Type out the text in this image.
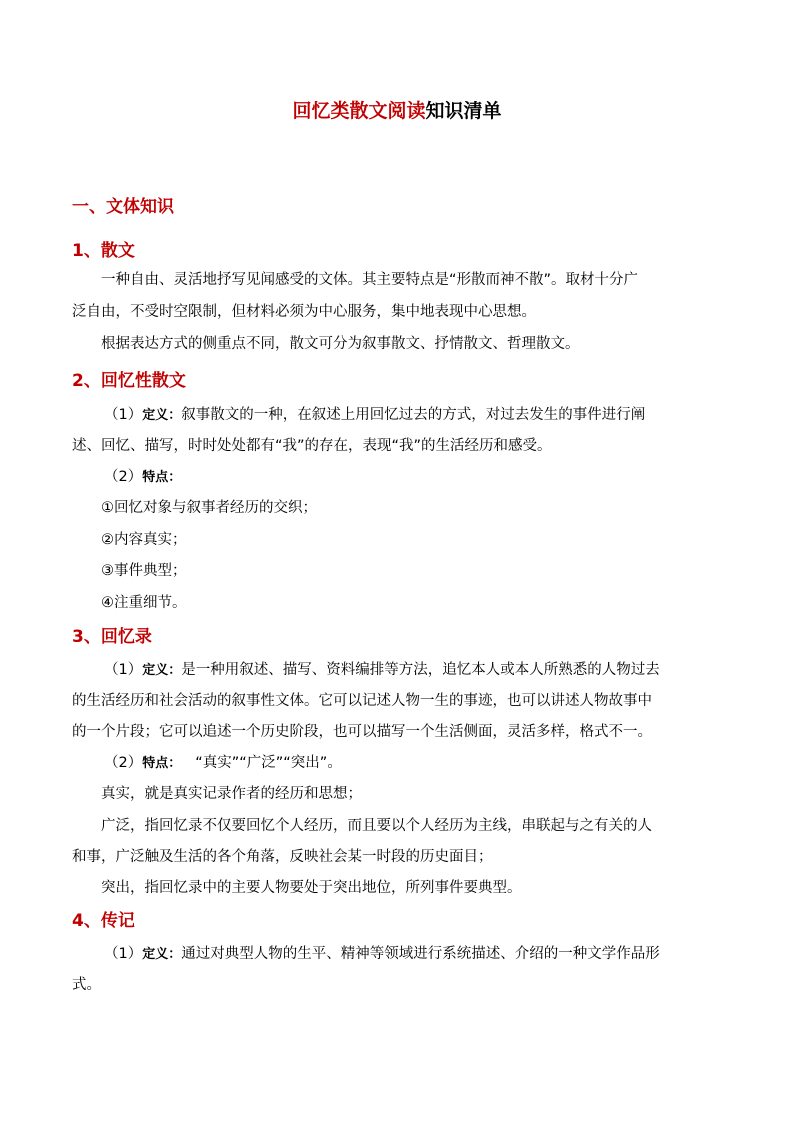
回忆类散文阅读知识清单
一、文体知识
1、散文
一种自由、灵活地抒写见闻感受的文体。其主要特点是“形散而神不散”。取材十分广
泛自由，不受时空限制，但材料必须为中心服务，集中地表现中心思想。
根据表达方式的侧重点不同，散文可分为叙事散文、抒情散文、哲理散文。
2、回忆性散文
（1）定义：叙事散文的一种，在叙述上用回忆过去的方式，对过去发生的事件进行阐
述、回忆、描写，时时处处都有“我”的存在，表现“我”的生活经历和感受。
（2）特点：
①回忆对象与叙事者经历的交织；
②内容真实；
③事件典型；
④注重细节。
3、回忆录
（1）定义：是一种用叙述、描写、资料编排等方法，追忆本人或本人所熟悉的人物过去
的生活经历和社会活动的叙事性文体。它可以记述人物一生的事迹，也可以讲述人物故事中
的一个片段；它可以追述一个历史阶段，也可以描写一个生活侧面，灵活多样，格式不一。
（2）特点： “真实”“广泛”“突出”。
真实，就是真实记录作者的经历和思想；
广泛，指回忆录不仅要回忆个人经历，而且要以个人经历为主线，串联起与之有关的人
和事，广泛触及生活的各个角落，反映社会某一时段的历史面目；
突出，指回忆录中的主要人物要处于突出地位，所列事件要典型。
4、传记
（1）定义：通过对典型人物的生平、精神等领域进行系统描述、介绍的一种文学作品形
式。
